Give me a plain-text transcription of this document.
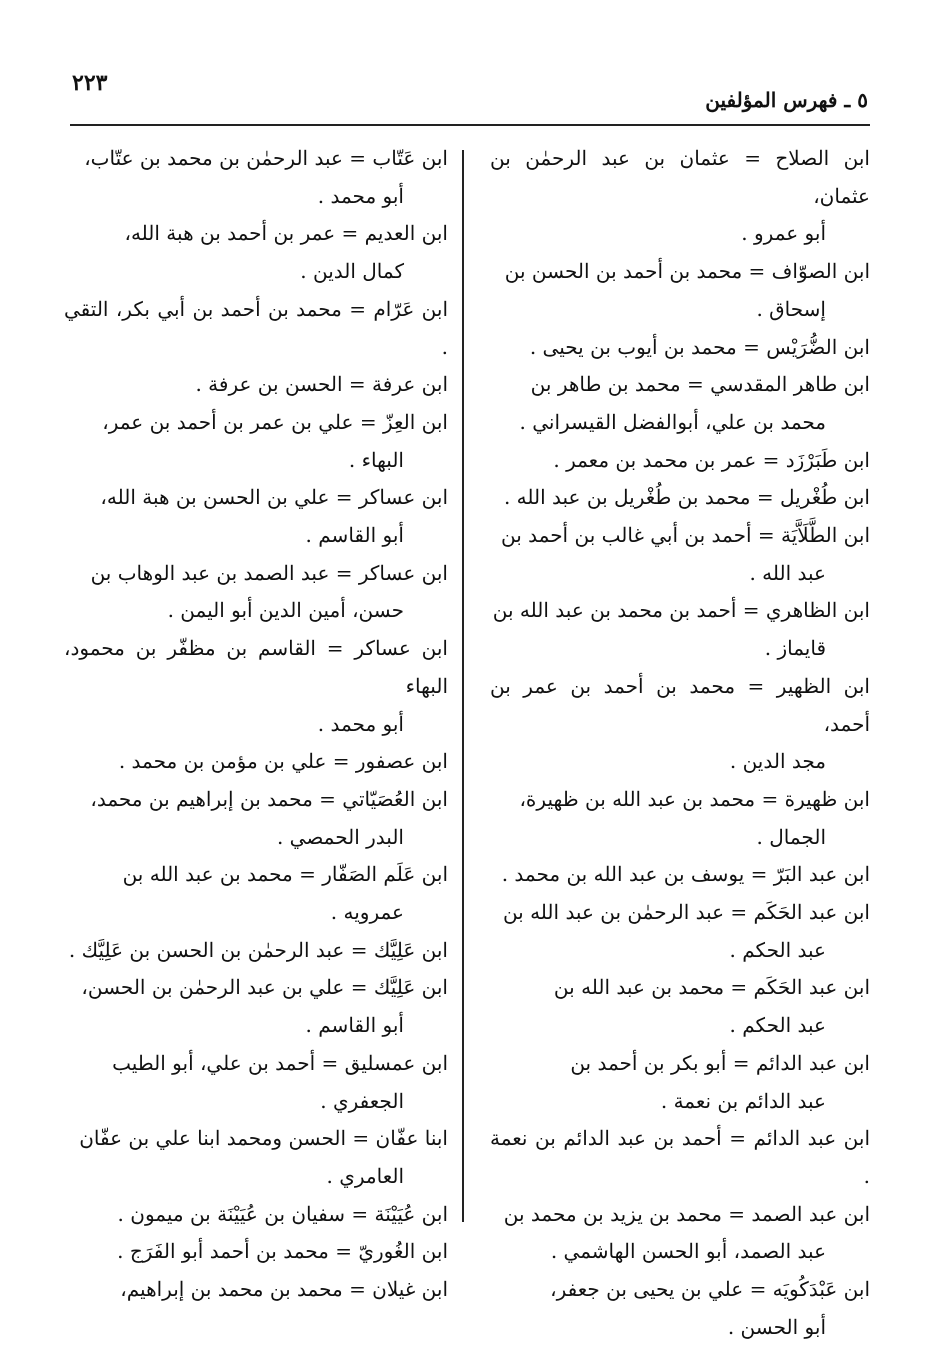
٢٢٣
٥ ـ فهرس المؤلفين
ابن الصلاح = عثمان بن عبد الرحمٰن بن عثمان،
أبو عمرو .
ابن الصوّاف = محمد بن أحمد بن الحسن بن
إسحاق .
ابن الضُّرَيْس = محمد بن أيوب بن يحيى .
ابن طاهر المقدسي = محمد بن طاهر بن
محمد بن علي، أبوالفضل القيسراني .
ابن طَبَرْزَد = عمر بن محمد بن معمر .
ابن طُغْريل = محمد بن طُغْريل بن عبد الله .
ابن الطَّلَاَّيَة = أحمد بن أبي غالب بن أحمد بن
عبد الله .
ابن الظاهري = أحمد بن محمد بن عبد الله بن
قايماز .
ابن الظهير = محمد بن أحمد بن عمر بن أحمد،
مجد الدين .
ابن ظهيرة = محمد بن عبد الله بن ظهيرة،
الجمال .
ابن عبد البَرّ = يوسف بن عبد الله بن محمد .
ابن عبد الحَكَم = عبد الرحمٰن بن عبد الله بن
عبد الحكم .
ابن عبد الحَكَم = محمد بن عبد الله بن
عبد الحكم .
ابن عبد الدائم = أبو بكر بن أحمد بن
عبد الدائم بن نعمة .
ابن عبد الدائم = أحمد بن عبد الدائم بن نعمة .
ابن عبد الصمد = محمد بن يزيد بن محمد بن
عبد الصمد، أبو الحسن الهاشمي .
ابن عَبْدَكُويَه = علي بن يحيى بن جعفر،
أبو الحسن .
ابن عَتّاب = عبد الرحمٰن بن محمد بن عتّاب،
أبو محمد .
ابن العديم = عمر بن أحمد بن هبة الله،
كمال الدين .
ابن عَرّام = محمد بن أحمد بن أبي بكر، التقي .
ابن عرفة = الحسن بن عرفة .
ابن العِزّ = علي بن عمر بن أحمد بن عمر،
البهاء .
ابن عساكر = علي بن الحسن بن هبة الله،
أبو القاسم .
ابن عساكر = عبد الصمد بن عبد الوهاب بن
حسن، أمين الدين أبو اليمن .
ابن عساكر = القاسم بن مظفّر بن محمود، البهاء
أبو محمد .
ابن عصفور = علي بن مؤمن بن محمد .
ابن العُصَيّاتي = محمد بن إبراهيم بن محمد،
البدر الحمصي .
ابن عَلَم الصَفّار = محمد بن عبد الله بن
عمرويه .
ابن عَلِيَّك = عبد الرحمٰن بن الحسن بن عَلِيَّك .
ابن عَلِيَّك = علي بن عبد الرحمٰن بن الحسن،
أبو القاسم .
ابن عمسليق = أحمد بن علي، أبو الطيب
الجعفري .
ابنا عفّان = الحسن ومحمد ابنا علي بن عفّان
العامري .
ابن عُيَيْنَة = سفيان بن عُيَيْنَة بن ميمون .
ابن الغُوريّ = محمد بن أحمد أبو الفَرَج .
ابن غيلان = محمد بن محمد بن إبراهيم،
